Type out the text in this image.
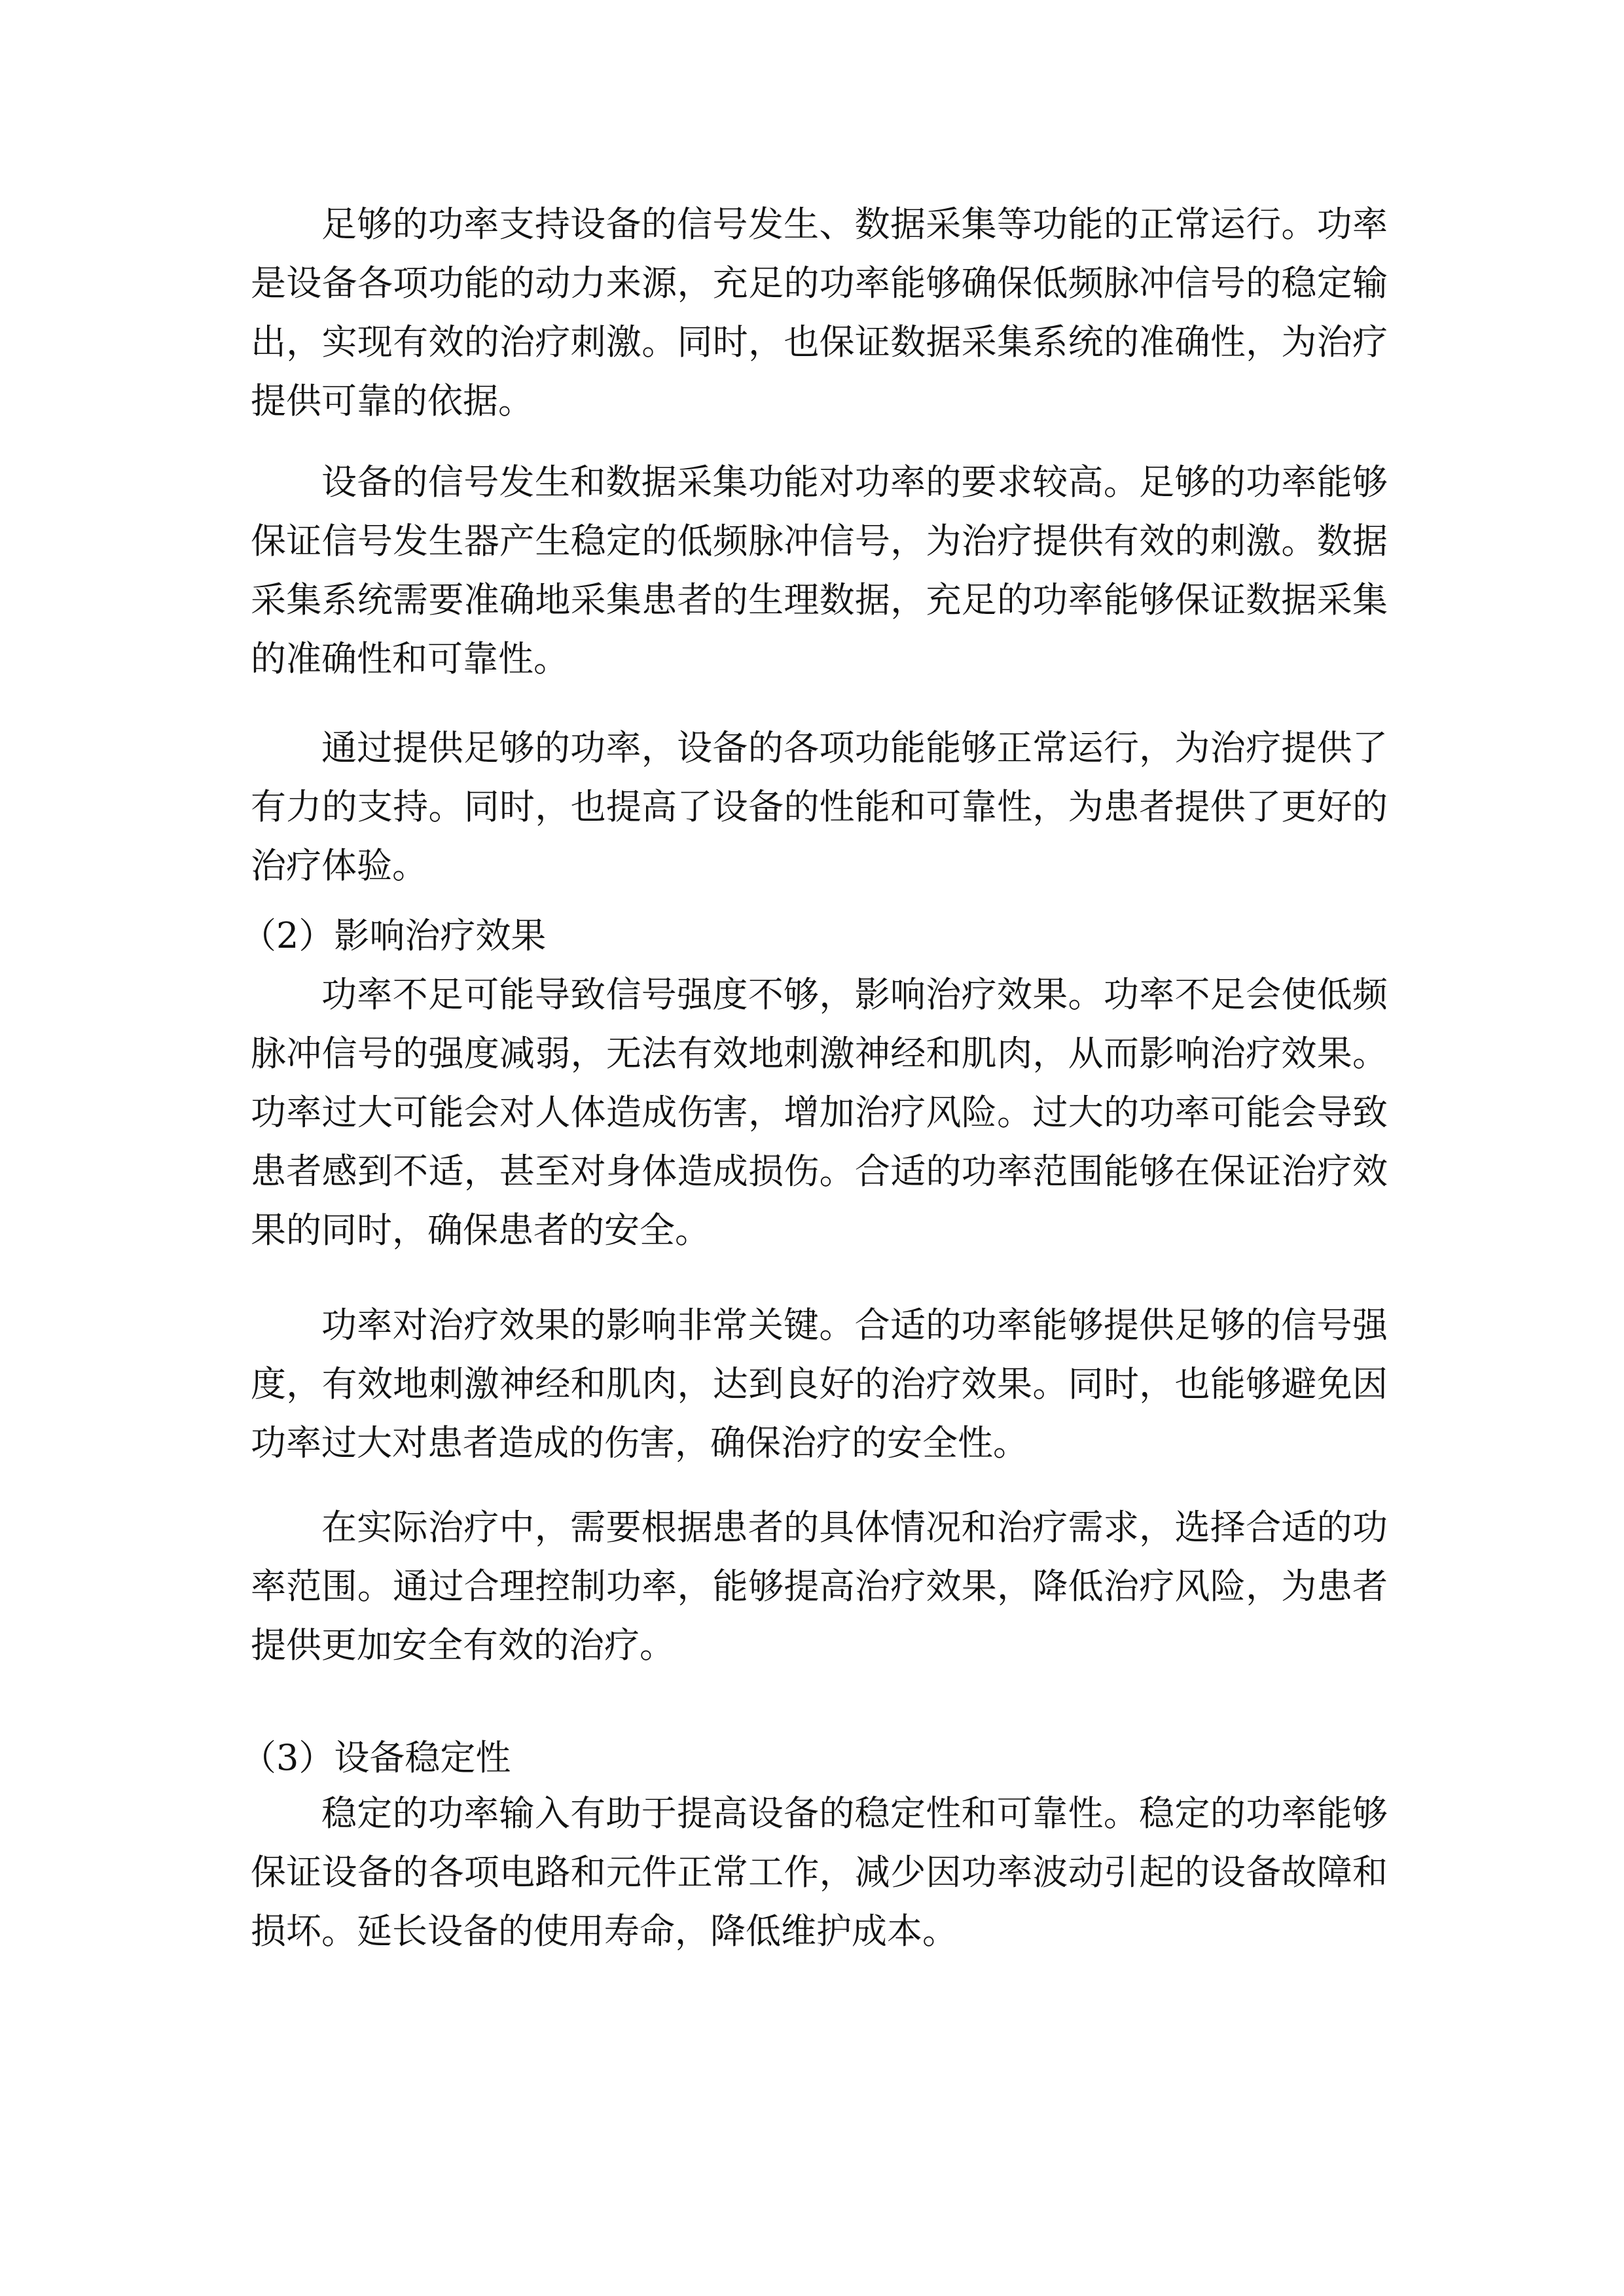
足够的功率支持设备的信号发生、数据采集等功能的正常运行。功率是设备各项功能的动力来源，充足的功率能够确保低频脉冲信号的稳定输出，实现有效的治疗刺激。同时，也保证数据采集系统的准确性，为治疗提供可靠的依据。

设备的信号发生和数据采集功能对功率的要求较高。足够的功率能够保证信号发生器产生稳定的低频脉冲信号，为治疗提供有效的刺激。数据采集系统需要准确地采集患者的生理数据，充足的功率能够保证数据采集的准确性和可靠性。

通过提供足够的功率，设备的各项功能能够正常运行，为治疗提供了有力的支持。同时，也提高了设备的性能和可靠性，为患者提供了更好的治疗体验。

（2）影响治疗效果

功率不足可能导致信号强度不够，影响治疗效果。功率不足会使低频脉冲信号的强度减弱，无法有效地刺激神经和肌肉，从而影响治疗效果。功率过大可能会对人体造成伤害，增加治疗风险。过大的功率可能会导致患者感到不适，甚至对身体造成损伤。合适的功率范围能够在保证治疗效果的同时，确保患者的安全。

功率对治疗效果的影响非常关键。合适的功率能够提供足够的信号强度，有效地刺激神经和肌肉，达到良好的治疗效果。同时，也能够避免因功率过大对患者造成的伤害，确保治疗的安全性。

在实际治疗中，需要根据患者的具体情况和治疗需求，选择合适的功率范围。通过合理控制功率，能够提高治疗效果，降低治疗风险，为患者提供更加安全有效的治疗。

（3）设备稳定性

稳定的功率输入有助于提高设备的稳定性和可靠性。稳定的功率能够保证设备的各项电路和元件正常工作，减少因功率波动引起的设备故障和损坏。延长设备的使用寿命，降低维护成本。
